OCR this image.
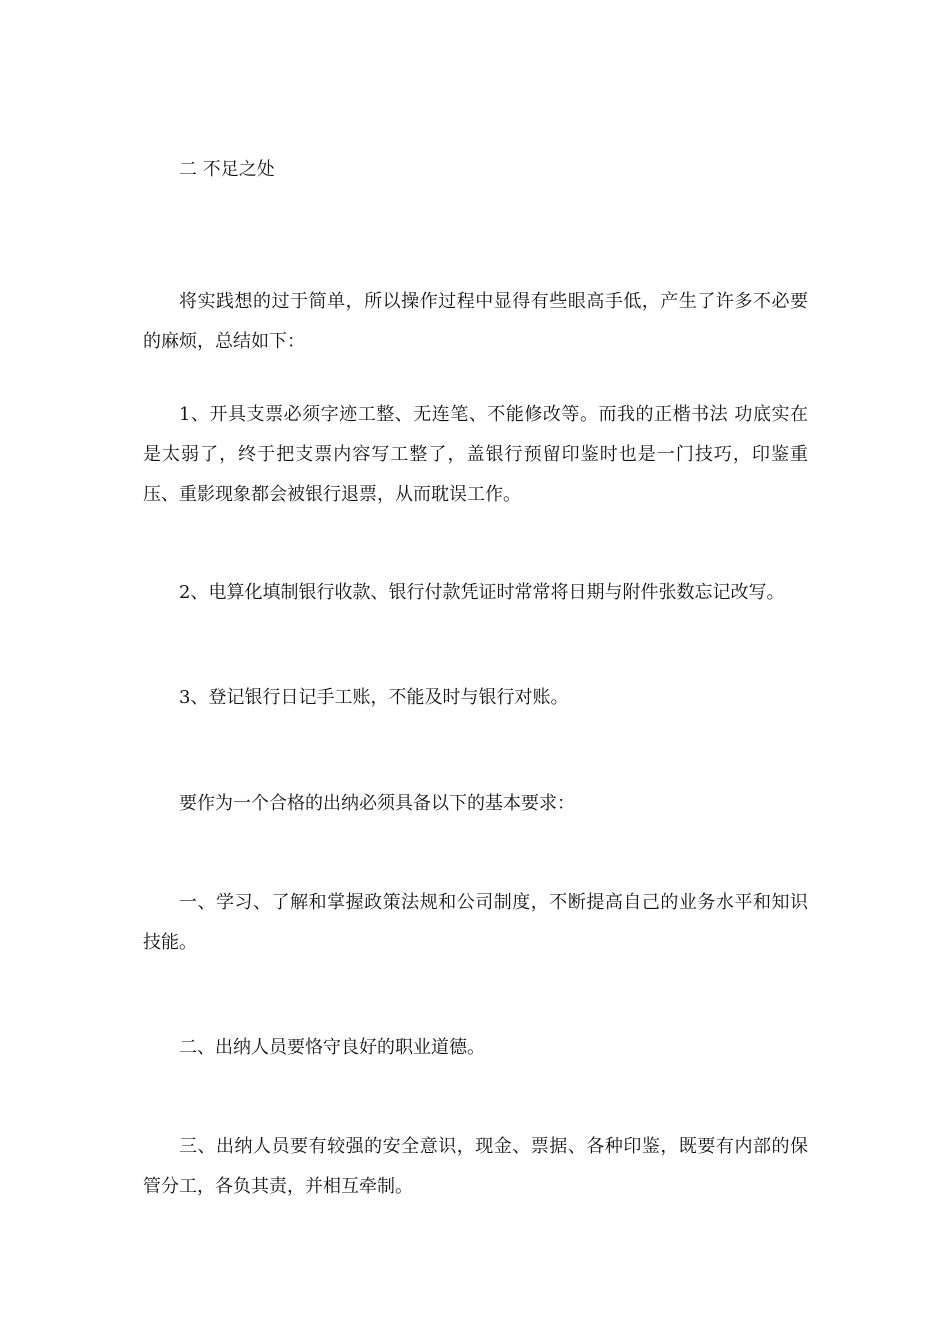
二 不足之处

将实践想的过于简单，所以操作过程中显得有些眼高手低，产生了许多不必要的麻烦，总结如下：

1、开具支票必须字迹工整、无连笔、不能修改等。而我的正楷书法 功底实在是太弱了，终于把支票内容写工整了，盖银行预留印鉴时也是一门技巧，印鉴重压、重影现象都会被银行退票，从而耽误工作。

2、电算化填制银行收款、银行付款凭证时常常将日期与附件张数忘记改写。

3、登记银行日记手工账，不能及时与银行对账。

要作为一个合格的出纳必须具备以下的基本要求：

一、学习、了解和掌握政策法规和公司制度，不断提高自己的业务水平和知识技能。

二、出纳人员要恪守良好的职业道德。

三、出纳人员要有较强的安全意识，现金、票据、各种印鉴，既要有内部的保管分工，各负其责，并相互牵制。
